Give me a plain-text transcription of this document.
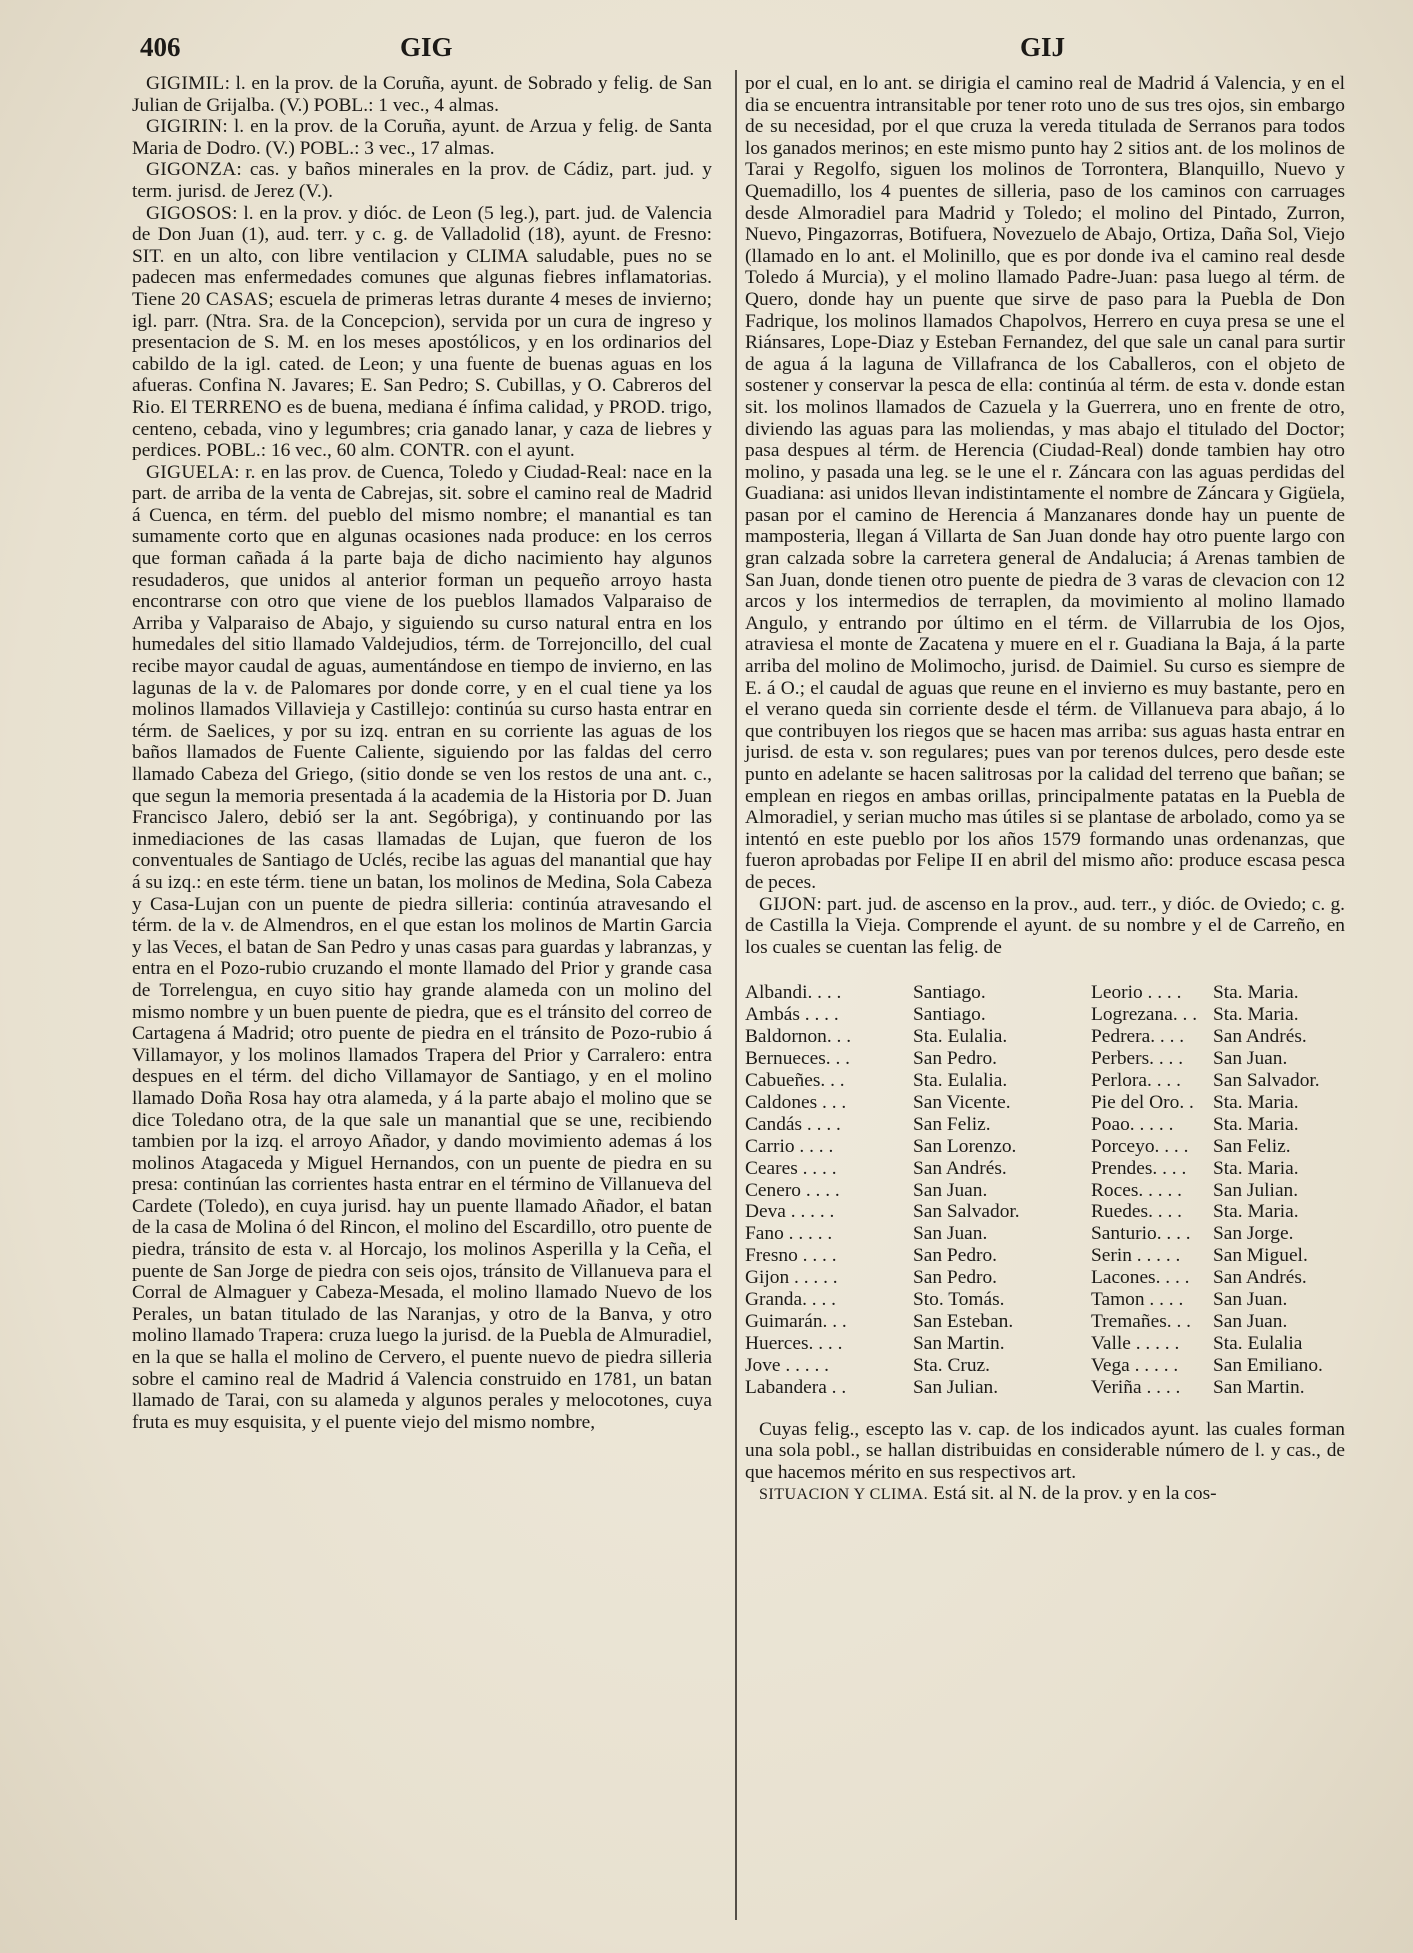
406	GIG	GIJ

GIGIMIL: l. en la prov. de la Coruña, ayunt. de Sobrado y felig. de San Julian de Grijalba. (V.) POBL.: 1 vec., 4 almas.

GIGIRIN: l. en la prov. de la Coruña, ayunt. de Arzua y felig. de Santa Maria de Dodro. (V.) POBL.: 3 vec., 17 almas.

GIGONZA: cas. y baños minerales en la prov. de Cádiz, part. jud. y term. jurisd. de Jerez (V.).

GIGOSOS: l. en la prov. y dióc. de Leon (5 leg.), part. jud. de Valencia de Don Juan (1), aud. terr. y c. g. de Valladolid (18), ayunt. de Fresno: SIT. en un alto, con libre ventilacion y CLIMA saludable, pues no se padecen mas enfermedades comunes que algunas fiebres inflamatorias. Tiene 20 CASAS; escuela de primeras letras durante 4 meses de invierno; igl. parr. (Ntra. Sra. de la Concepcion), servida por un cura de ingreso y presentacion de S. M. en los meses apostólicos, y en los ordinarios del cabildo de la igl. cated. de Leon; y una fuente de buenas aguas en los afueras. Confina N. Javares; E. San Pedro; S. Cubillas, y O. Cabreros del Rio. El TERRENO es de buena, mediana é ínfima calidad, y PROD. trigo, centeno, cebada, vino y legumbres; cria ganado lanar, y caza de liebres y perdices. POBL.: 16 vec., 60 alm. CONTR. con el ayunt.

GIGUELA: r. en las prov. de Cuenca, Toledo y Ciudad-Real: nace en la part. de arriba de la venta de Cabrejas, sit. sobre el camino real de Madrid á Cuenca, en térm. del pueblo del mismo nombre; el manantial es tan sumamente corto que en algunas ocasiones nada produce: en los cerros que forman cañada á la parte baja de dicho nacimiento hay algunos resudaderos, que unidos al anterior forman un pequeño arroyo hasta encontrarse con otro que viene de los pueblos llamados Valparaiso de Arriba y Valparaiso de Abajo, y siguiendo su curso natural entra en los humedales del sitio llamado Valdejudios, térm. de Torrejoncillo, del cual recibe mayor caudal de aguas, aumentándose en tiempo de invierno, en las lagunas de la v. de Palomares por donde corre, y en el cual tiene ya los molinos llamados Villavieja y Castillejo: continúa su curso hasta entrar en térm. de Saelices, y por su izq. entran en su corriente las aguas de los baños llamados de Fuente Caliente, siguiendo por las faldas del cerro llamado Cabeza del Griego, (sitio donde se ven los restos de una ant. c., que segun la memoria presentada á la academia de la Historia por D. Juan Francisco Jalero, debió ser la ant. Segóbriga), y continuando por las inmediaciones de las casas llamadas de Lujan, que fueron de los conventuales de Santiago de Uclés, recibe las aguas del manantial que hay á su izq.: en este térm. tiene un batan, los molinos de Medina, Sola Cabeza y Casa-Lujan con un puente de piedra silleria: continúa atravesando el térm. de la v. de Almendros, en el que estan los molinos de Martin Garcia y las Veces, el batan de San Pedro y unas casas para guardas y labranzas, y entra en el Pozo-rubio cruzando el monte llamado del Prior y grande casa de Torrelengua, en cuyo sitio hay grande alameda con un molino del mismo nombre y un buen puente de piedra, que es el tránsito del correo de Cartagena á Madrid; otro puente de piedra en el tránsito de Pozo-rubio á Villamayor, y los molinos llamados Trapera del Prior y Carralero: entra despues en el térm. del dicho Villamayor de Santiago, y en el molino llamado Doña Rosa hay otra alameda, y á la parte abajo el molino que se dice Toledano otra, de la que sale un manantial que se une, recibiendo tambien por la izq. el arroyo Añador, y dando movimiento ademas á los molinos Atagaceda y Miguel Hernandos, con un puente de piedra en su presa: continúan las corrientes hasta entrar en el término de Villanueva del Cardete (Toledo), en cuya jurisd. hay un puente llamado Añador, el batan de la casa de Molina ó del Rincon, el molino del Escardillo, otro puente de piedra, tránsito de esta v. al Horcajo, los molinos Asperilla y la Ceña, el puente de San Jorge de piedra con seis ojos, tránsito de Villanueva para el Corral de Almaguer y Cabeza-Mesada, el molino llamado Nuevo de los Perales, un batan titulado de las Naranjas, y otro de la Banva, y otro molino llamado Trapera: cruza luego la jurisd. de la Puebla de Almuradiel, en la que se halla el molino de Cervero, el puente nuevo de piedra silleria sobre el camino real de Madrid á Valencia construido en 1781, un batan llamado de Tarai, con su alameda y algunos perales y melocotones, cuya fruta es muy esquisita, y el puente viejo del mismo nombre,

por el cual, en lo ant. se dirigia el camino real de Madrid á Valencia, y en el dia se encuentra intransitable por tener roto uno de sus tres ojos, sin embargo de su necesidad, por el que cruza la vereda titulada de Serranos para todos los ganados merinos; en este mismo punto hay 2 sitios ant. de los molinos de Tarai y Regolfo, siguen los molinos de Torrontera, Blanquillo, Nuevo y Quemadillo, los 4 puentes de silleria, paso de los caminos con carruages desde Almoradiel para Madrid y Toledo; el molino del Pintado, Zurron, Nuevo, Pingazorras, Botifuera, Novezuelo de Abajo, Ortiza, Daña Sol, Viejo (llamado en lo ant. el Molinillo, que es por donde iva el camino real desde Toledo á Murcia), y el molino llamado Padre-Juan: pasa luego al térm. de Quero, donde hay un puente que sirve de paso para la Puebla de Don Fadrique, los molinos llamados Chapolvos, Herrero en cuya presa se une el Riánsares, Lope-Diaz y Esteban Fernandez, del que sale un canal para surtir de agua á la laguna de Villafranca de los Caballeros, con el objeto de sostener y conservar la pesca de ella: continúa al térm. de esta v. donde estan sit. los molinos llamados de Cazuela y la Guerrera, uno en frente de otro, diviendo las aguas para las moliendas, y mas abajo el titulado del Doctor; pasa despues al térm. de Herencia (Ciudad-Real) donde tambien hay otro molino, y pasada una leg. se le une el r. Záncara con las aguas perdidas del Guadiana: asi unidos llevan indistintamente el nombre de Záncara y Gigüela, pasan por el camino de Herencia á Manzanares donde hay un puente de mamposteria, llegan á Villarta de San Juan donde hay otro puente largo con gran calzada sobre la carretera general de Andalucia; á Arenas tambien de San Juan, donde tienen otro puente de piedra de 3 varas de clevacion con 12 arcos y los intermedios de terraplen, da movimiento al molino llamado Angulo, y entrando por último en el térm. de Villarrubia de los Ojos, atraviesa el monte de Zacatena y muere en el r. Guadiana la Baja, á la parte arriba del molino de Molimocho, jurisd. de Daimiel. Su curso es siempre de E. á O.; el caudal de aguas que reune en el invierno es muy bastante, pero en el verano queda sin corriente desde el térm. de Villanueva para abajo, á lo que contribuyen los riegos que se hacen mas arriba: sus aguas hasta entrar en jurisd. de esta v. son regulares; pues van por terenos dulces, pero desde este punto en adelante se hacen salitrosas por la calidad del terreno que bañan; se emplean en riegos en ambas orillas, principalmente patatas en la Puebla de Almoradiel, y serian mucho mas útiles si se plantase de arbolado, como ya se intentó en este pueblo por los años 1579 formando unas ordenanzas, que fueron aprobadas por Felipe II en abril del mismo año: produce escasa pesca de peces.

GIJON: part. jud. de ascenso en la prov., aud. terr., y dióc. de Oviedo; c. g. de Castilla la Vieja. Comprende el ayunt. de su nombre y el de Carreño, en los cuales se cuentan las felig. de

Albandi. . . .	Santiago.	Leorio . . . .	Sta. Maria.
Ambás . . . .	Santiago.	Logrezana. . .	Sta. Maria.
Baldornon. . .	Sta. Eulalia.	Pedrera. . . .	San Andrés.
Bernueces. . .	San Pedro.	Perbers. . . .	San Juan.
Cabueñes. . .	Sta. Eulalia.	Perlora. . . .	San Salvador.
Caldones . . .	San Vicente.	Pie del Oro. .	Sta. Maria.
Candás . . . .	San Feliz.	Poao. . . . .	Sta. Maria.
Carrio . . . .	San Lorenzo.	Porceyo. . . .	San Feliz.
Ceares . . . .	San Andrés.	Prendes. . . .	Sta. Maria.
Cenero . . . .	San Juan.	Roces. . . . .	San Julian.
Deva . . . . .	San Salvador.	Ruedes. . . .	Sta. Maria.
Fano . . . . .	San Juan.	Santurio. . . .	San Jorge.
Fresno . . . .	San Pedro.	Serin . . . . .	San Miguel.
Gijon . . . . .	San Pedro.	Lacones. . . .	San Andrés.
Granda. . . .	Sto. Tomás.	Tamon . . . .	San Juan.
Guimarán. . .	San Esteban.	Tremañes. . .	San Juan.
Huerces. . . .	San Martin.	Valle . . . . .	Sta. Eulalia
Jove . . . . .	Sta. Cruz.	Vega . . . . .	San Emiliano.
Labandera . .	San Julian.	Veriña . . . .	San Martin.

Cuyas felig., escepto las v. cap. de los indicados ayunt. las cuales forman una sola pobl., se hallan distribuidas en considerable número de l. y cas., de que hacemos mérito en sus respectivos art.

SITUACION Y CLIMA. Está sit. al N. de la prov. y en la cos-
